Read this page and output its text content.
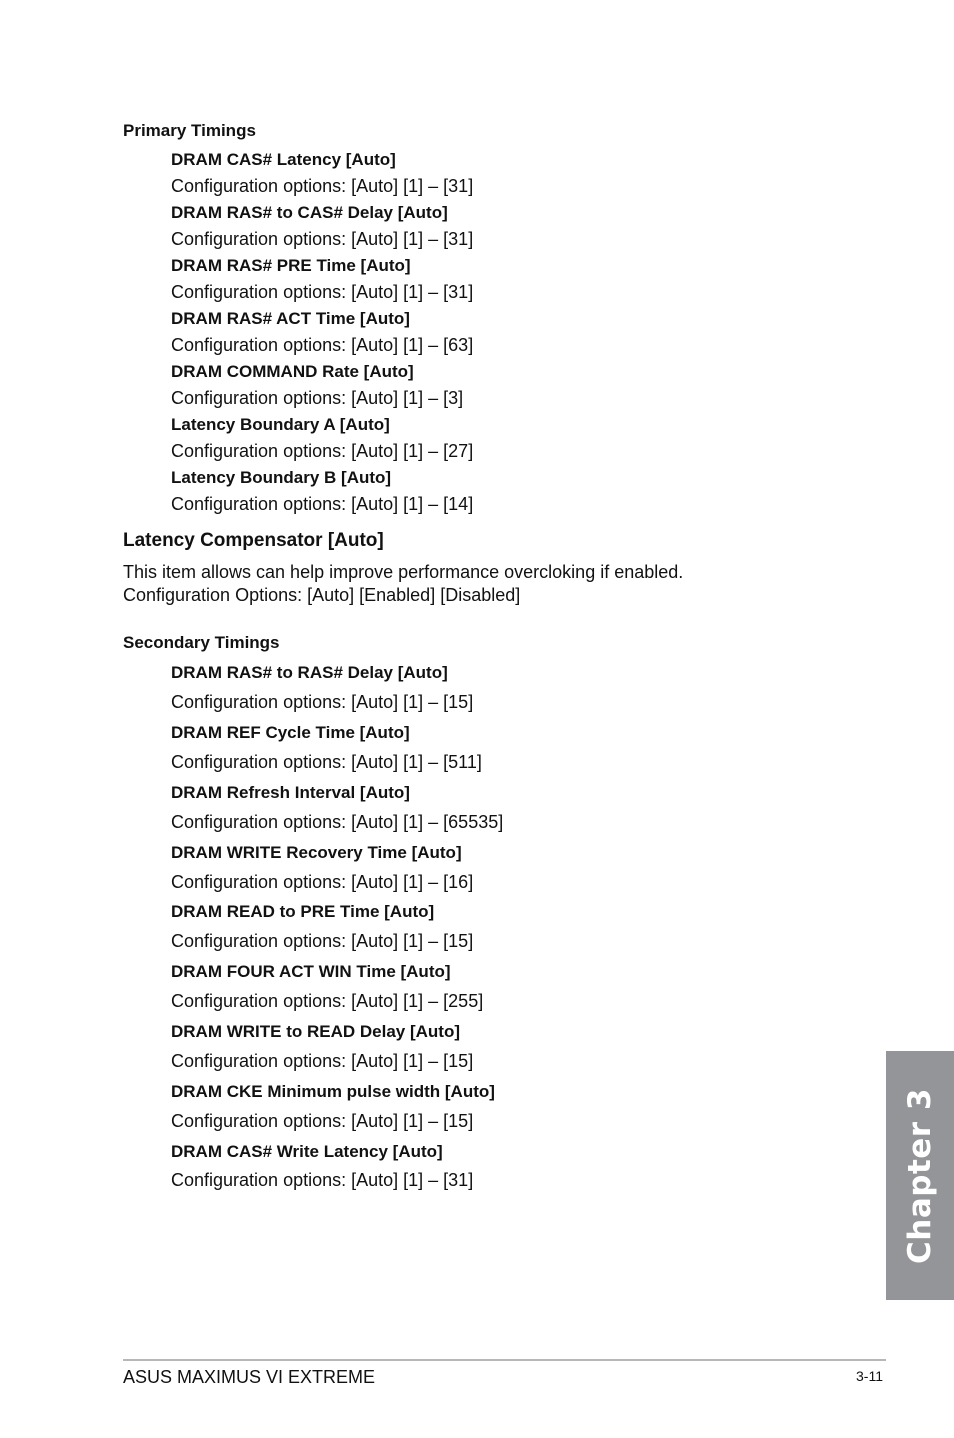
Primary Timings
DRAM CAS# Latency [Auto]
Configuration options: [Auto] [1] – [31]
DRAM RAS# to CAS# Delay [Auto]
Configuration options: [Auto] [1] – [31]
DRAM RAS# PRE Time [Auto]
Configuration options: [Auto] [1] – [31]
DRAM RAS# ACT Time [Auto]
Configuration options: [Auto] [1] – [63]
DRAM COMMAND Rate [Auto]
Configuration options: [Auto] [1] – [3]
Latency Boundary A [Auto]
Configuration options: [Auto] [1] – [27]
Latency Boundary B [Auto]
Configuration options: [Auto] [1] – [14]
Latency Compensator [Auto]
This item allows can help improve performance overcloking if enabled.
Configuration Options: [Auto] [Enabled] [Disabled]
Secondary Timings
DRAM RAS# to RAS# Delay [Auto]
Configuration options: [Auto] [1] – [15]
DRAM REF Cycle Time [Auto]
Configuration options: [Auto] [1] – [511]
DRAM Refresh Interval [Auto]
Configuration options: [Auto] [1] – [65535]
DRAM WRITE Recovery Time [Auto]
Configuration options: [Auto] [1] – [16]
DRAM READ to PRE Time [Auto]
Configuration options: [Auto] [1] – [15]
DRAM FOUR ACT WIN Time [Auto]
Configuration options: [Auto] [1] – [255]
DRAM WRITE to READ Delay [Auto]
Configuration options: [Auto] [1] – [15]
DRAM CKE Minimum pulse width [Auto]
Configuration options: [Auto] [1] – [15]
DRAM CAS# Write Latency [Auto]
Configuration options: [Auto] [1] – [31]	Chapter 3
ASUS MAXIMUS VI EXTREME	3-11
